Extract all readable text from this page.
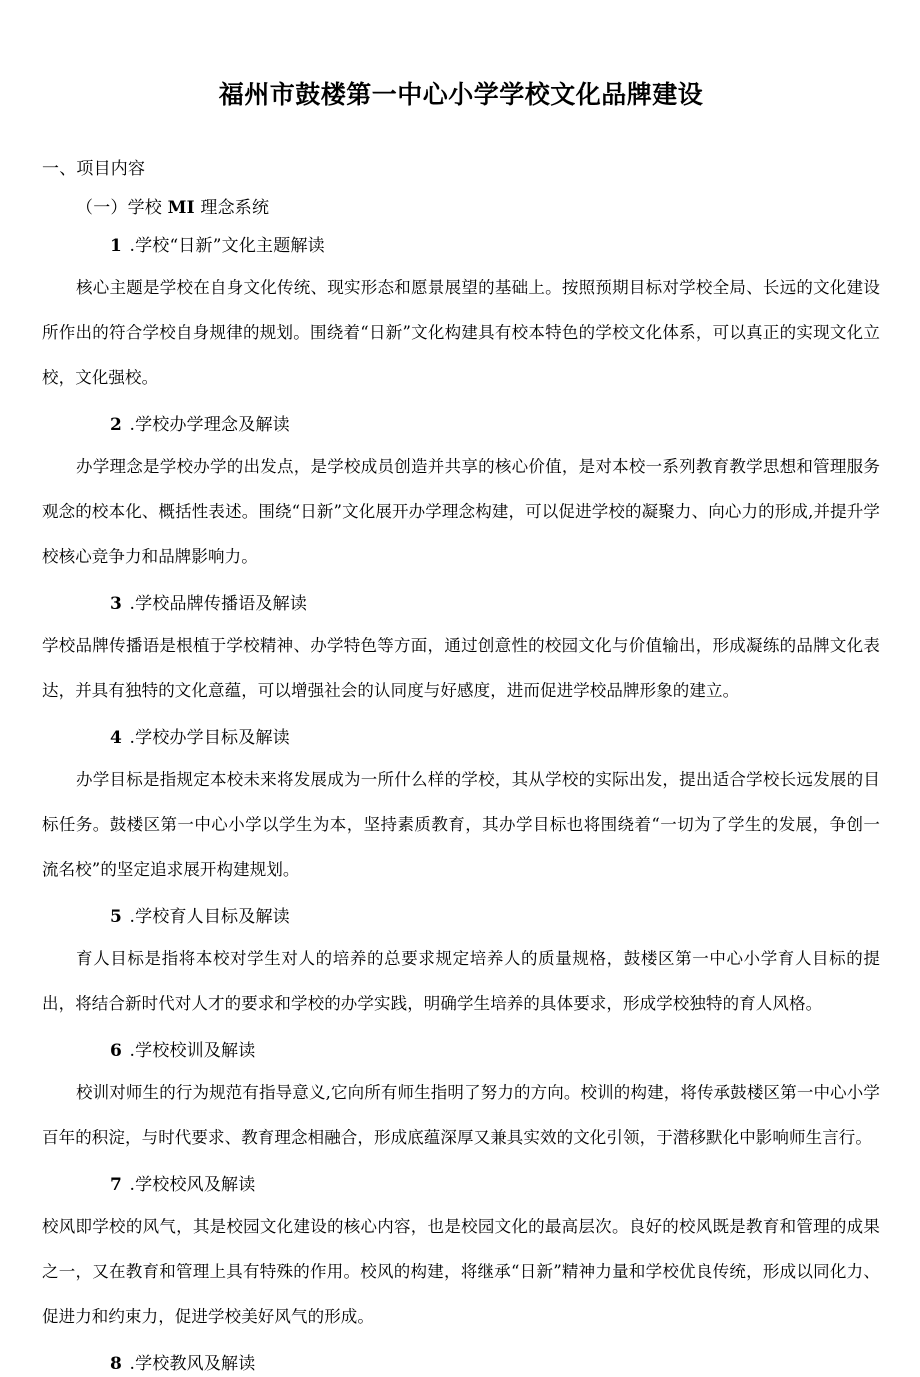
福州市鼓楼第一中心小学学校文化品牌建设

一、项目内容

（一）学校 MI 理念系统

1 .学校“日新”文化主题解读

核心主题是学校在自身文化传统、现实形态和愿景展望的基础上。按照预期目标对学校全局、长远的文化建设所作出的符合学校自身规律的规划。围绕着“日新”文化构建具有校本特色的学校文化体系，可以真正的实现文化立校，文化强校。

2 .学校办学理念及解读

办学理念是学校办学的出发点，是学校成员创造并共享的核心价值，是对本校一系列教育教学思想和管理服务观念的校本化、概括性表述。围绕“日新”文化展开办学理念构建，可以促进学校的凝聚力、向心力的形成,并提升学校核心竞争力和品牌影响力。

3 .学校品牌传播语及解读

学校品牌传播语是根植于学校精神、办学特色等方面，通过创意性的校园文化与价值输出，形成凝练的品牌文化表达，并具有独特的文化意蕴，可以增强社会的认同度与好感度，进而促进学校品牌形象的建立。

4 .学校办学目标及解读

办学目标是指规定本校未来将发展成为一所什么样的学校，其从学校的实际出发，提出适合学校长远发展的目标任务。鼓楼区第一中心小学以学生为本，坚持素质教育，其办学目标也将围绕着“一切为了学生的发展，争创一流名校”的坚定追求展开构建规划。

5 .学校育人目标及解读

育人目标是指将本校对学生对人的培养的总要求规定培养人的质量规格，鼓楼区第一中心小学育人目标的提出，将结合新时代对人才的要求和学校的办学实践，明确学生培养的具体要求，形成学校独特的育人风格。

6 .学校校训及解读

校训对师生的行为规范有指导意义,它向所有师生指明了努力的方向。校训的构建，将传承鼓楼区第一中心小学百年的积淀，与时代要求、教育理念相融合，形成底蕴深厚又兼具实效的文化引领，于潜移默化中影响师生言行。

7 .学校校风及解读

校风即学校的风气，其是校园文化建设的核心内容，也是校园文化的最高层次。良好的校风既是教育和管理的成果之一，又在教育和管理上具有特殊的作用。校风的构建，将继承“日新”精神力量和学校优良传统，形成以同化力、促进力和约束力，促进学校美好风气的形成。

8 .学校教风及解读
